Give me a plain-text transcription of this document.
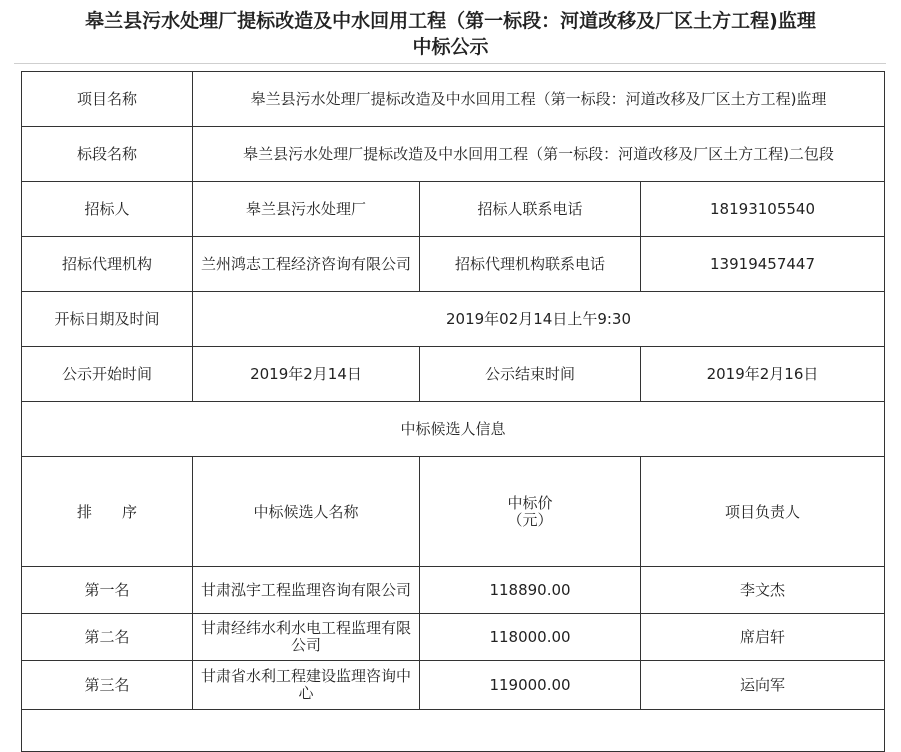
皋兰县污水处理厂提标改造及中水回用工程（第一标段：河道改移及厂区土方工程)监理
中标公示
项目名称	皋兰县污水处理厂提标改造及中水回用工程（第一标段：河道改移及厂区土方工程)监理		
标段名称	皋兰县污水处理厂提标改造及中水回用工程（第一标段：河道改移及厂区土方工程)二包段		
招标人	皋兰县污水处理厂	招标人联系电话	18193105540
招标代理机构	兰州鸿志工程经济咨询有限公司	招标代理机构联系电话	13919457447
开标日期及时间	2019年02月14日上午9:30		
公示开始时间	2019年2月14日	公示结束时间	2019年2月16日
中标候选人信息			
排　　序	中标候选人名称	中标价（元）	项目负责人
第一名	甘肃泓宇工程监理咨询有限公司	118890.00	李文杰
第二名	甘肃经纬水利水电工程监理有限公司	118000.00	席启轩
第三名	甘肃省水利工程建设监理咨询中心	119000.00	运向军
